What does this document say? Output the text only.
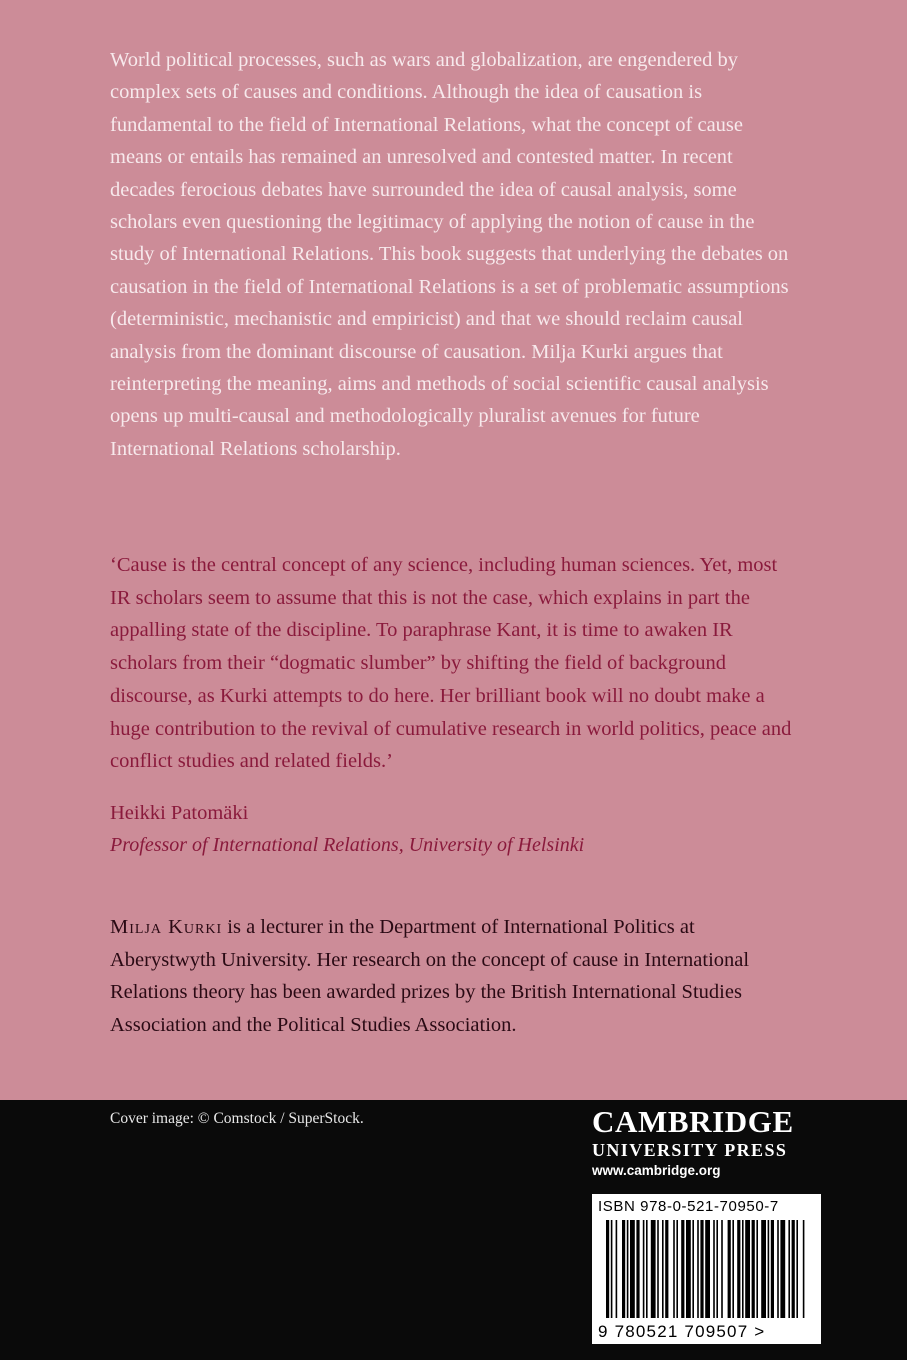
World political processes, such as wars and globalization, are engendered by complex sets of causes and conditions. Although the idea of causation is fundamental to the field of International Relations, what the concept of cause means or entails has remained an unresolved and contested matter. In recent decades ferocious debates have surrounded the idea of causal analysis, some scholars even questioning the legitimacy of applying the notion of cause in the study of International Relations. This book suggests that underlying the debates on causation in the field of International Relations is a set of problematic assumptions (deterministic, mechanistic and empiricist) and that we should reclaim causal analysis from the dominant discourse of causation. Milja Kurki argues that reinterpreting the meaning, aims and methods of social scientific causal analysis opens up multi-causal and methodologically pluralist avenues for future International Relations scholarship.

‘Cause is the central concept of any science, including human sciences. Yet, most IR scholars seem to assume that this is not the case, which explains in part the appalling state of the discipline. To paraphrase Kant, it is time to awaken IR scholars from their “dogmatic slumber” by shifting the field of background discourse, as Kurki attempts to do here. Her brilliant book will no doubt make a huge contribution to the revival of cumulative research in world politics, peace and conflict studies and related fields.’

Heikki Patomäki

Professor of International Relations, University of Helsinki

Milja Kurki is a lecturer in the Department of International Politics at Aberystwyth University. Her research on the concept of cause in International Relations theory has been awarded prizes by the British International Studies Association and the Political Studies Association.

Cover image: © Comstock / SuperStock.	CAMBRIDGE

UNIVERSITY PRESS

www.cambridge.org

ISBN 978-0-521-70950-7

9 780521 709507 >
